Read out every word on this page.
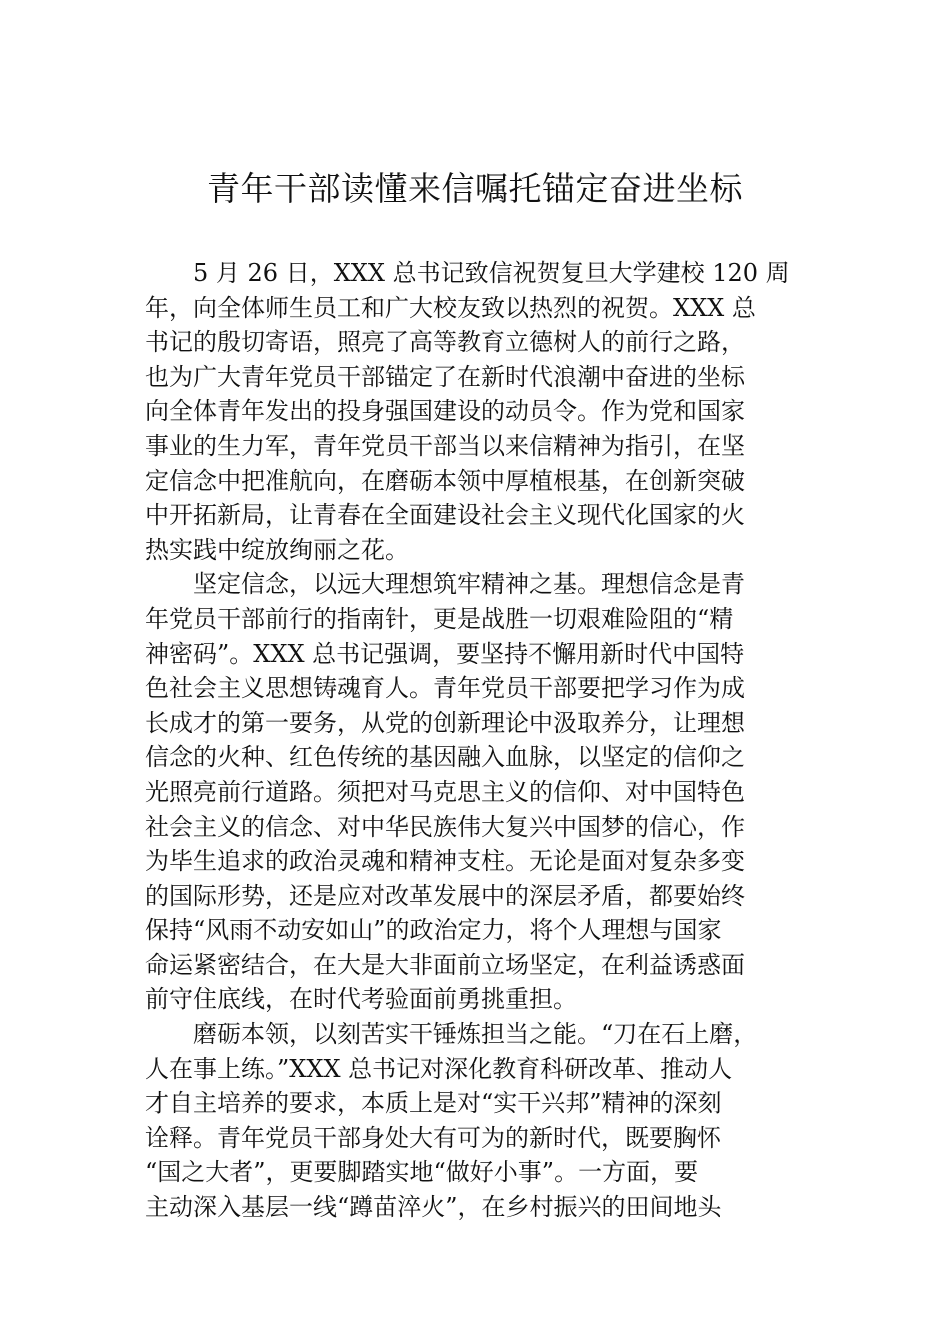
青年干部读懂来信嘱托锚定奋进坐标
5 月 26 日，XXX 总书记致信祝贺复旦大学建校 120 周
年，向全体师生员工和广大校友致以热烈的祝贺。XXX 总
书记的殷切寄语，照亮了高等教育立德树人的前行之路，
也为广大青年党员干部锚定了在新时代浪潮中奋进的坐标
向全体青年发出的投身强国建设的动员令。作为党和国家
事业的生力军，青年党员干部当以来信精神为指引，在坚
定信念中把准航向，在磨砺本领中厚植根基，在创新突破
中开拓新局，让青春在全面建设社会主义现代化国家的火
热实践中绽放绚丽之花。
坚定信念，以远大理想筑牢精神之基。理想信念是青
年党员干部前行的指南针，更是战胜一切艰难险阻的“精
神密码”。XXX 总书记强调，要坚持不懈用新时代中国特
色社会主义思想铸魂育人。青年党员干部要把学习作为成
长成才的第一要务，从党的创新理论中汲取养分，让理想
信念的火种、红色传统的基因融入血脉，以坚定的信仰之
光照亮前行道路。须把对马克思主义的信仰、对中国特色
社会主义的信念、对中华民族伟大复兴中国梦的信心，作
为毕生追求的政治灵魂和精神支柱。无论是面对复杂多变
的国际形势，还是应对改革发展中的深层矛盾，都要始终
保持“风雨不动安如山”的政治定力，将个人理想与国家
命运紧密结合，在大是大非面前立场坚定，在利益诱惑面
前守住底线，在时代考验面前勇挑重担。
磨砺本领，以刻苦实干锤炼担当之能。“刀在石上磨，
人在事上练。”XXX 总书记对深化教育科研改革、推动人
才自主培养的要求，本质上是对“实干兴邦”精神的深刻
诠释。青年党员干部身处大有可为的新时代，既要胸怀
“国之大者”，更要脚踏实地“做好小事”。一方面，要
主动深入基层一线“蹲苗淬火”，在乡村振兴的田间地头
